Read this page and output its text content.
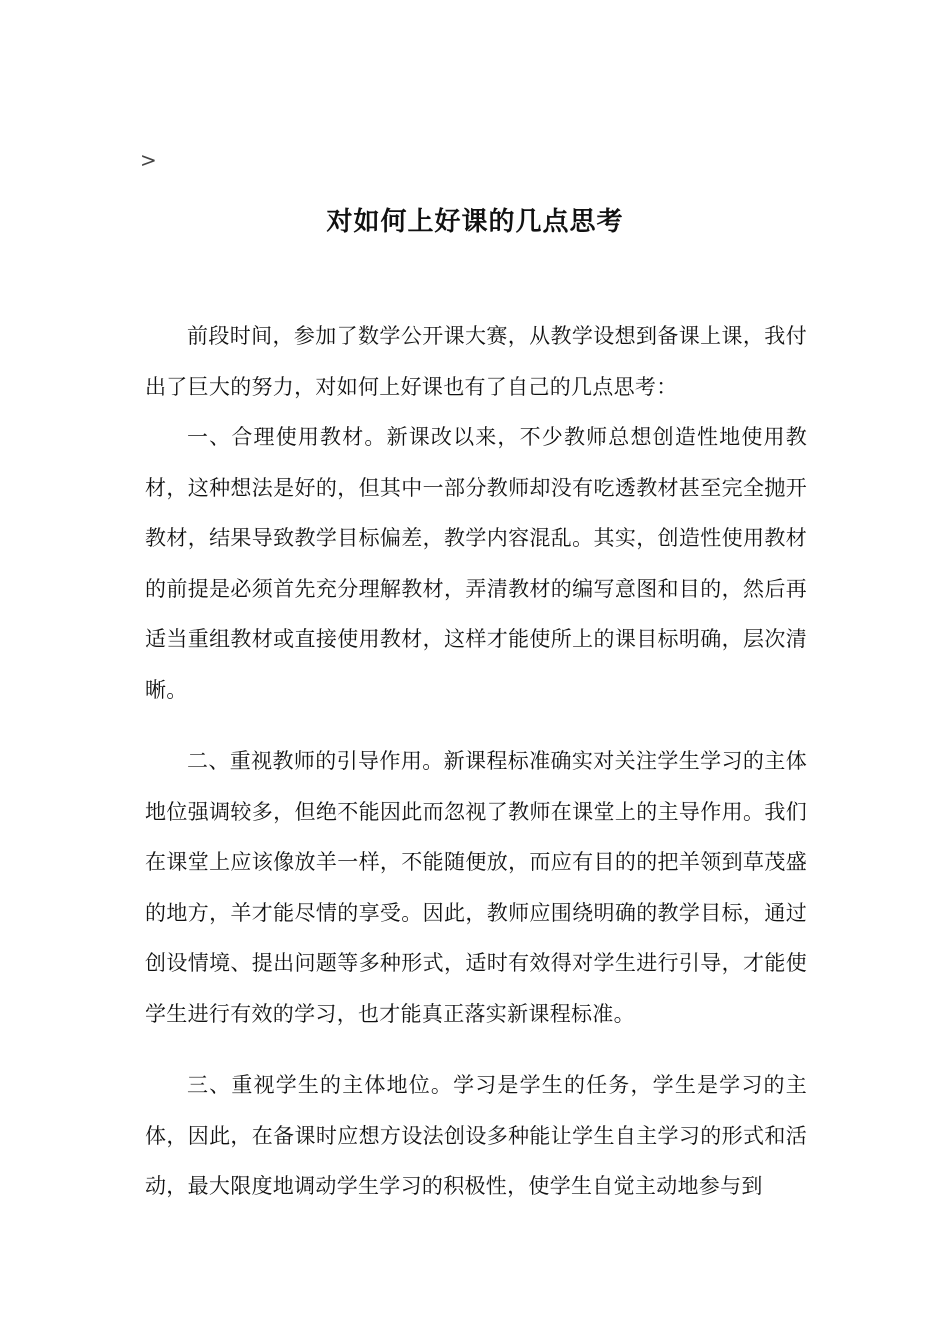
>
对如何上好课的几点思考

前段时间，参加了数学公开课大赛，从教学设想到备课上课，我付出了巨大的努力，对如何上好课也有了自己的几点思考：

一、合理使用教材。新课改以来，不少教师总想创造性地使用教材，这种想法是好的，但其中一部分教师却没有吃透教材甚至完全抛开教材，结果导致教学目标偏差，教学内容混乱。其实，创造性使用教材的前提是必须首先充分理解教材，弄清教材的编写意图和目的，然后再适当重组教材或直接使用教材，这样才能使所上的课目标明确，层次清晰。

二、重视教师的引导作用。新课程标准确实对关注学生学习的主体地位强调较多，但绝不能因此而忽视了教师在课堂上的主导作用。我们在课堂上应该像放羊一样，不能随便放，而应有目的的把羊领到草茂盛的地方，羊才能尽情的享受。因此，教师应围绕明确的教学目标，通过创设情境、提出问题等多种形式，适时有效得对学生进行引导，才能使学生进行有效的学习，也才能真正落实新课程标准。

三、重视学生的主体地位。学习是学生的任务，学生是学习的主体，因此，在备课时应想方设法创设多种能让学生自主学习的形式和活动，最大限度地调动学生学习的积极性，使学生自觉主动地参与到
